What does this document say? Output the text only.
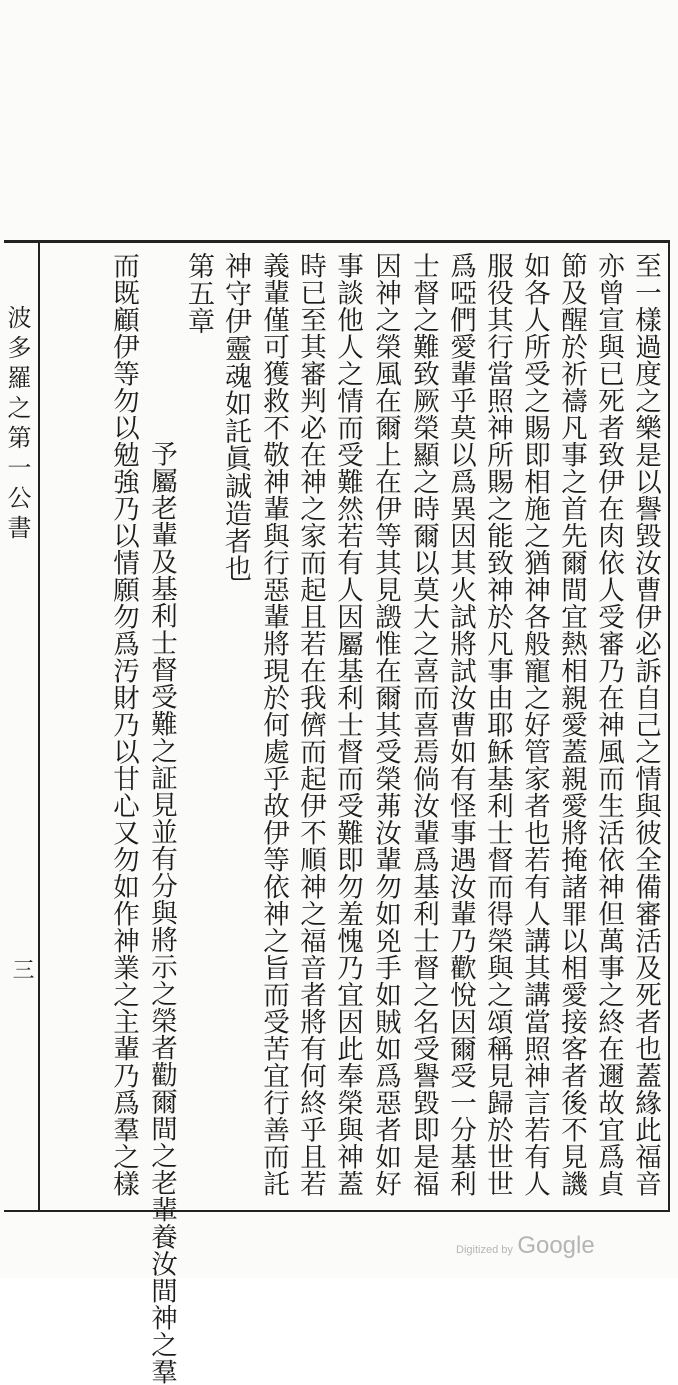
至一樣過度之樂是以譽毀汝曹伊必訴自己之情與彼全備審活及死者也蓋緣此福音
亦曾宣與已死者致伊在肉依人受審乃在神風而生活依神但萬事之終在邇故宜爲貞
節及醒於祈禱凡事之首先爾間宜熱相親愛蓋親愛將掩諸罪以相愛接客者後不見譏
如各人所受之賜即相施之猶神各般寵之好管家者也若有人講其講當照神言若有人
服役其行當照神所賜之能致神於凡事由耶穌基利士督而得榮與之頌稱見歸於世世
爲啞們愛輩乎莫以爲異因其火試將試汝曹如有怪事遇汝輩乃歡悅因爾受一分基利
士督之難致厥榮顯之時爾以莫大之喜而喜焉倘汝輩爲基利士督之名受譽毀即是福
因神之榮風在爾上在伊等其見譭惟在爾其受榮茀汝輩勿如兇手如賊如爲惡者如好
事談他人之情而受難然若有人因屬基利士督而受難即勿羞愧乃宜因此奉榮與神蓋
時已至其審判必在神之家而起且若在我儕而起伊不順神之福音者將有何終乎且若
義輩僅可獲救不敬神輩與行惡輩將現於何處乎故伊等依神之旨而受苦宜行善而託
神守伊靈魂如託眞誠造者也
第五章
予屬老輩及基利士督受難之証見並有分與將示之榮者勸爾間之老輩養汝間神之羣
而既顧伊等勿以勉強乃以情願勿爲汚財乃以甘心又勿如作神業之主輩乃爲羣之樣
三
波多羅之第一公書
Digitized by Google
